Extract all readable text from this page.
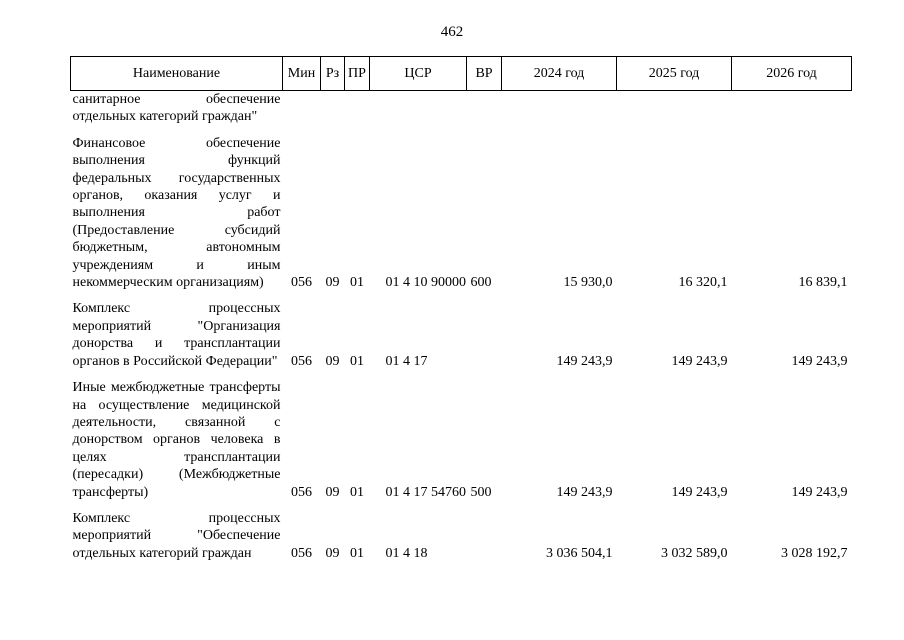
462
Наименование	Мин	Рз	ПР	ЦСР	ВР	2024 год	2025 год	2026 год
санитарное обеспечение отдельных категорий граждан"								
Финансовое обеспечение выполнения функций федеральных государственных органов, оказания услуг и выполнения работ (Предоставление субсидий бюджетным, автономным учреждениям и иным некоммерческим организациям)	056	09	01	01 4 10 90000	600	15 930,0	16 320,1	16 839,1
Комплекс процессных мероприятий "Организация донорства и трансплантации органов в Российской Федерации"	056	09	01	01 4 17		149 243,9	149 243,9	149 243,9
Иные межбюджетные трансферты на осуществление медицинской деятельности, связанной с донорством органов человека в целях трансплантации (пересадки) (Межбюджетные трансферты)	056	09	01	01 4 17 54760	500	149 243,9	149 243,9	149 243,9
Комплекс процессных мероприятий "Обеспечение отдельных категорий граждан	056	09	01	01 4 18		3 036 504,1	3 032 589,0	3 028 192,7
